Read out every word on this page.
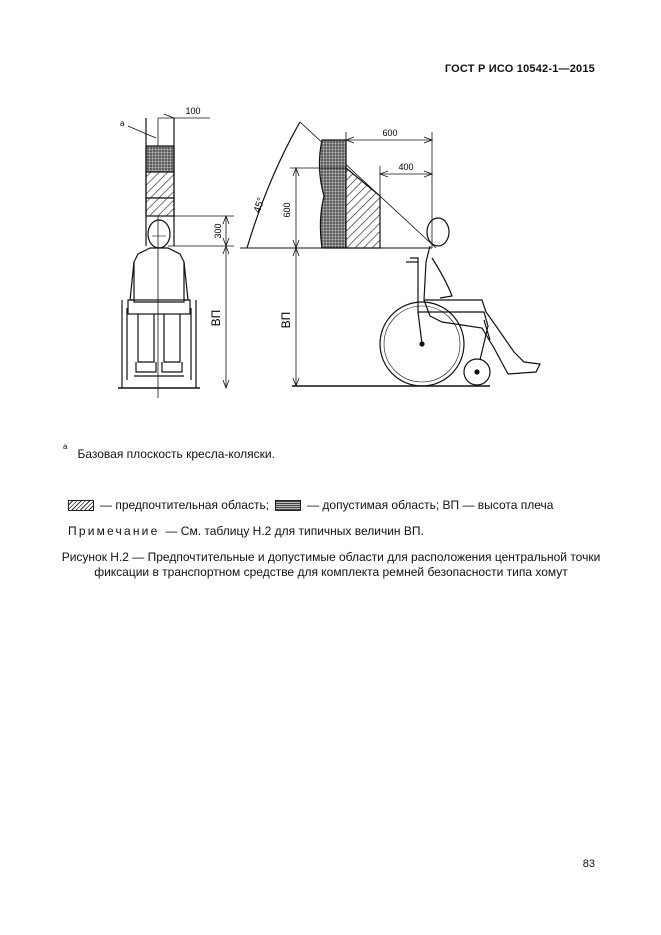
ГОСТ Р ИСО 10542-1—2015
а
100
300
ВП
45°
600
400
600
ВП
$^а$Базовая плоскость кресла-коляски.
— предпочтительная область;	— допустимая область; ВП — высота плеча
Примечание — См. таблицу Н.2 для типичных величин ВП.
Рисунок Н.2 — Предпочтительные и допустимые области для расположения центральной точки фиксации в транспортном средстве для комплекта ремней безопасности типа хомут
83
